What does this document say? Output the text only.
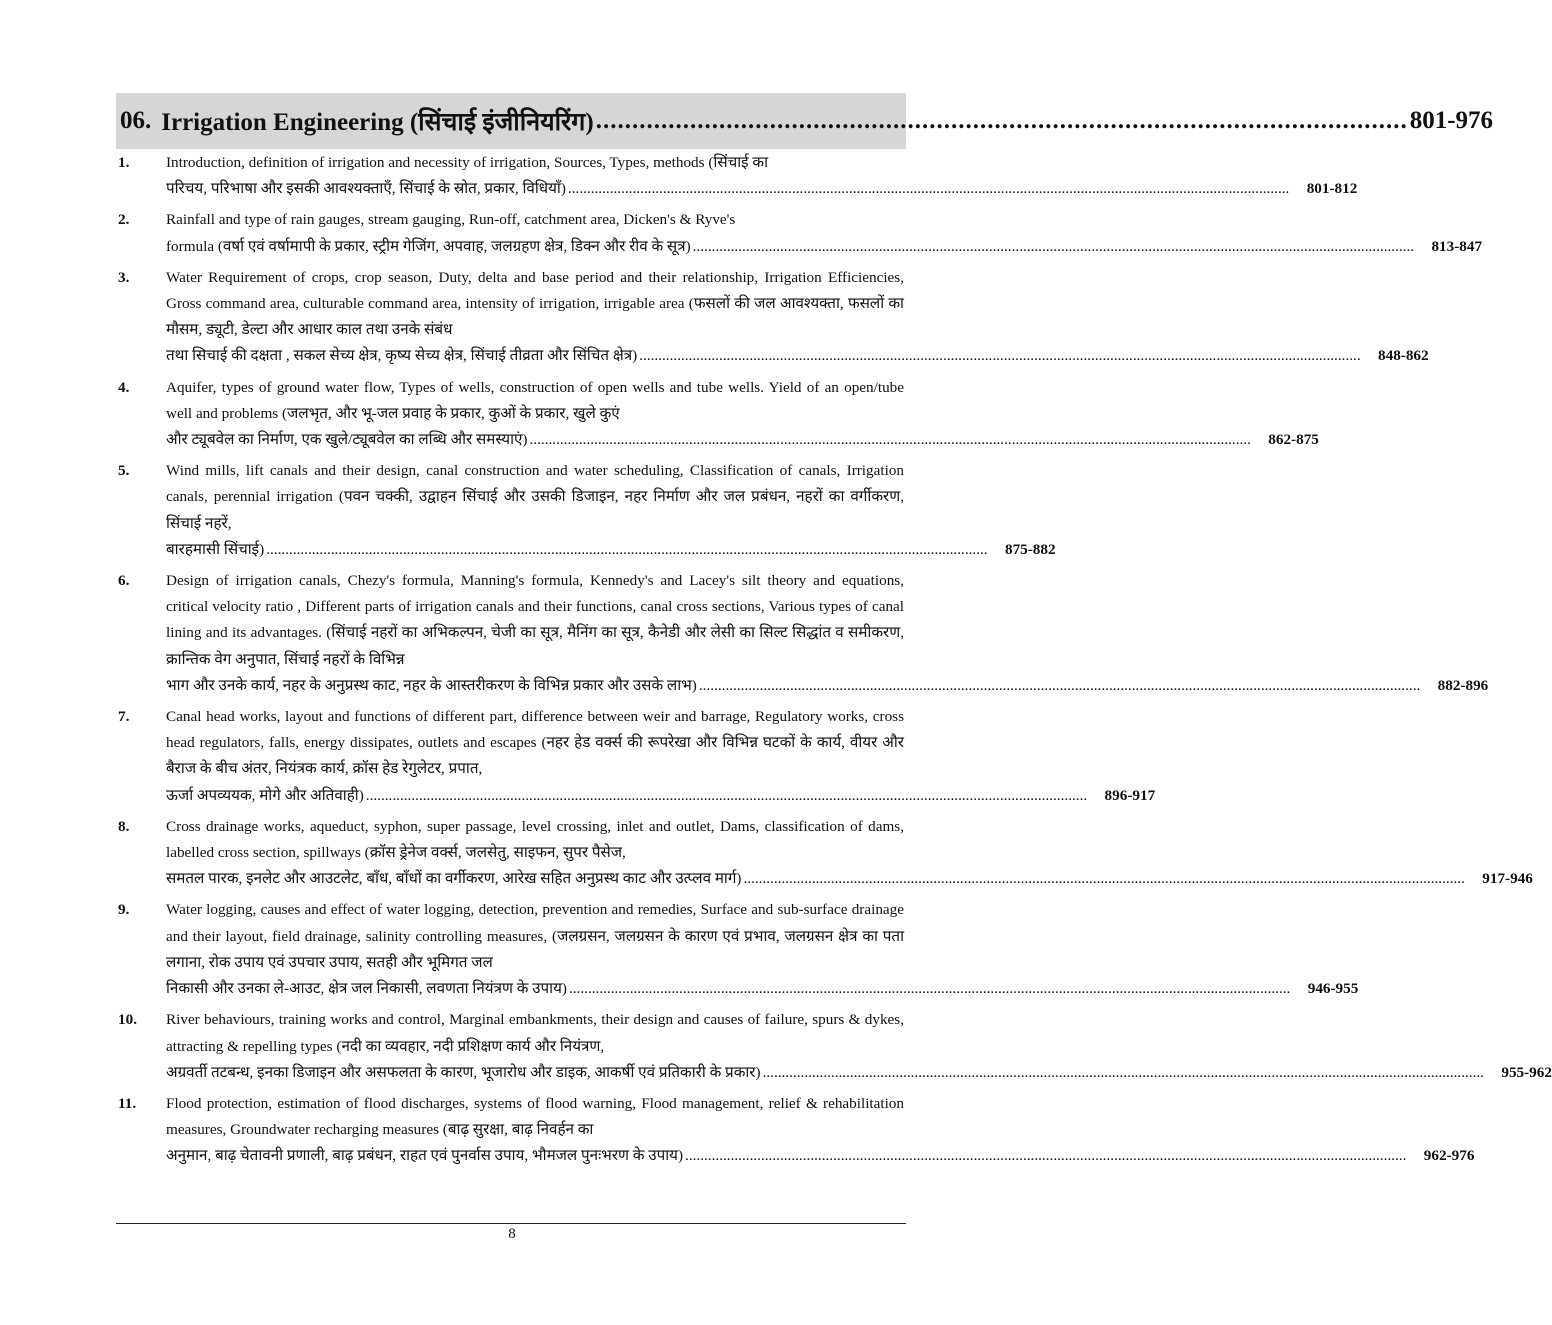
06. Irrigation Engineering (सिंचाई इंजीनियरिंग) .....	801-976
1.	Introduction, definition of irrigation and necessity of irrigation, Sources, Types, methods (सिंचाई का
परिचय, परिभाषा और इसकी आवश्यक्ताएँ, सिंचाई के स्रोत, प्रकार, विधियाँ) .....	801-812
2.	Rainfall and type of rain gauges, stream gauging, Run-off, catchment area, Dicken's & Ryve's
formula (वर्षा एवं वर्षामापी के प्रकार, स्ट्रीम गेजिंग, अपवाह, जलग्रहण क्षेत्र, डिक्न और रीव के सूत्र) .....	813-847
3.	Water Requirement of crops, crop season, Duty, delta and base period and their relationship, Irrigation Efficiencies, Gross command area, culturable command area, intensity of irrigation, irrigable area (फसलों की जल आवश्यक्ता, फसलों का मौसम, ड्यूटी, डेल्टा और आधार काल तथा उनके संबंध
तथा सिचाई की दक्षता , सकल सेच्य क्षेत्र, कृष्य सेच्य क्षेत्र, सिंचाई तीव्रता और सिंचित क्षेत्र) .....	848-862
4.	Aquifer, types of ground water flow, Types of wells, construction of open wells and tube wells. Yield of an open/tube well and problems (जलभृत, और भू-जल प्रवाह के प्रकार, कुओं के प्रकार, खुले कुएं
और ट्यूबवेल का निर्माण, एक खुले/ट्यूबवेल का लब्धि और समस्याएं) .....	862-875
5.	Wind mills, lift canals and their design, canal construction and water scheduling, Classification of canals, Irrigation canals, perennial irrigation (पवन चक्की, उद्वाहन सिंचाई और उसकी डिजाइन, नहर निर्माण और जल प्रबंधन, नहरों का वर्गीकरण, सिंचाई नहरें,
बारहमासी सिंचाई) .....	875-882
6.	Design of irrigation canals, Chezy's formula, Manning's formula, Kennedy's and Lacey's silt theory and equations, critical velocity ratio , Different parts of irrigation canals and their functions, canal cross sections, Various types of canal lining and its advantages. (सिंचाई नहरों का अभिकल्पन, चेजी का सूत्र, मैनिंग का सूत्र, कैनेडी और लेसी का सिल्ट सिद्धांत व समीकरण, क्रान्तिक वेग अनुपात, सिंचाई नहरों के विभिन्न
भाग और उनके कार्य, नहर के अनुप्रस्थ काट, नहर के आस्तरीकरण के विभिन्न प्रकार और उसके लाभ) .....	882-896
7.	Canal head works, layout and functions of different part, difference between weir and barrage, Regulatory works, cross head regulators, falls, energy dissipates, outlets and escapes (नहर हेड वर्क्स की रूपरेखा और विभिन्न घटकों के कार्य, वीयर और बैराज के बीच अंतर, नियंत्रक कार्य, क्रॉस हेड रेगुलेटर, प्रपात,
ऊर्जा अपव्ययक, मोगे और अतिवाही) .....	896-917
8.	Cross drainage works, aqueduct, syphon, super passage, level crossing, inlet and outlet, Dams, classification of dams, labelled cross section, spillways (क्रॉस ड्रेनेज वर्क्स, जलसेतु, साइफन, सुपर पैसेज,
समतल पारक, इनलेट और आउटलेट, बाँध, बाँधों का वर्गीकरण, आरेख सहित अनुप्रस्थ काट और उत्प्लव मार्ग) .....	917-946
9.	Water logging, causes and effect of water logging, detection, prevention and remedies, Surface and sub-surface drainage and their layout, field drainage, salinity controlling measures, (जलग्रसन, जलग्रसन के कारण एवं प्रभाव, जलग्रसन क्षेत्र का पता लगाना, रोक उपाय एवं उपचार उपाय, सतही और भूमिगत जल
निकासी और उनका ले-आउट, क्षेत्र जल निकासी, लवणता नियंत्रण के उपाय) .....	946-955
10.	River behaviours, training works and control, Marginal embankments, their design and causes of failure, spurs & dykes, attracting & repelling types (नदी का व्यवहार, नदी प्रशिक्षण कार्य और नियंत्रण,
अग्रवर्ती तटबन्ध, इनका डिजाइन और असफलता के कारण, भूजारोध और डाइक, आकर्षी एवं प्रतिकारी के प्रकार) .....	955-962
11.	Flood protection, estimation of flood discharges, systems of flood warning, Flood management, relief & rehabilitation measures, Groundwater recharging measures (बाढ़ सुरक्षा, बाढ़ निवर्हन का
अनुमान, बाढ़ चेतावनी प्रणाली, बाढ़ प्रबंधन, राहत एवं पुनर्वास उपाय, भौमजल पुनःभरण के उपाय) .....	962-976
8
